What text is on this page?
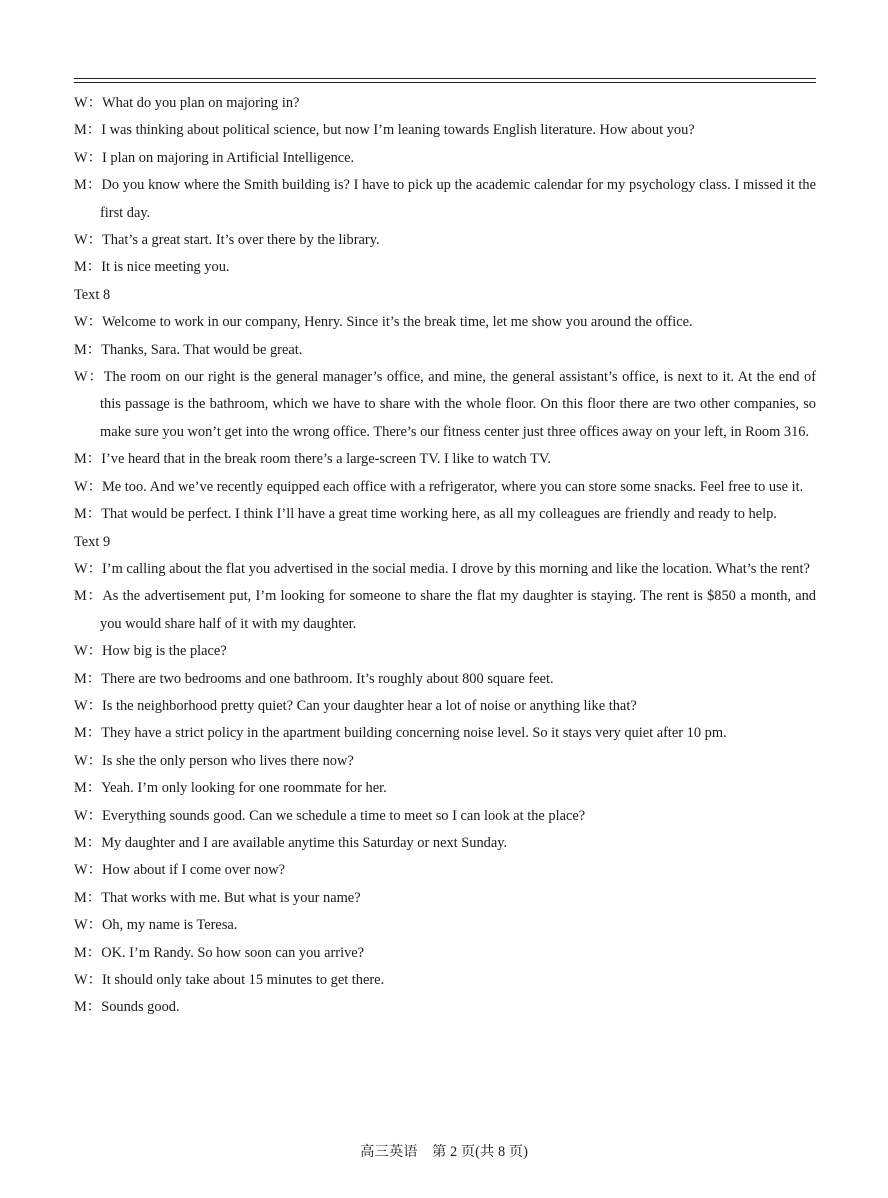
W：What do you plan on majoring in?

M：I was thinking about political science, but now I’m leaning towards English literature. How about you?

W：I plan on majoring in Artificial Intelligence.

M：Do you know where the Smith building is? I have to pick up the academic calendar for my psychology class. I missed it the first day.

W：That’s a great start. It’s over there by the library.

M：It is nice meeting you.

Text 8

W：Welcome to work in our company, Henry. Since it’s the break time, let me show you around the office.

M：Thanks, Sara. That would be great.

W：The room on our right is the general manager’s office, and mine, the general assistant’s office, is next to it. At the end of this passage is the bathroom, which we have to share with the whole floor. On this floor there are two other companies, so make sure you won’t get into the wrong office. There’s our fitness center just three offices away on your left, in Room 316.

M：I’ve heard that in the break room there’s a large-screen TV. I like to watch TV.

W：Me too. And we’ve recently equipped each office with a refrigerator, where you can store some snacks. Feel free to use it.

M：That would be perfect. I think I’ll have a great time working here, as all my colleagues are friendly and ready to help.

Text 9

W：I’m calling about the flat you advertised in the social media. I drove by this morning and like the location. What’s the rent?

M：As the advertisement put, I’m looking for someone to share the flat my daughter is staying. The rent is $850 a month, and you would share half of it with my daughter.

W：How big is the place?

M：There are two bedrooms and one bathroom. It’s roughly about 800 square feet.

W：Is the neighborhood pretty quiet? Can your daughter hear a lot of noise or anything like that?

M：They have a strict policy in the apartment building concerning noise level. So it stays very quiet after 10 pm.

W：Is she the only person who lives there now?

M：Yeah. I’m only looking for one roommate for her.

W：Everything sounds good. Can we schedule a time to meet so I can look at the place?

M：My daughter and I are available anytime this Saturday or next Sunday.

W：How about if I come over now?

M：That works with me. But what is your name?

W：Oh, my name is Teresa.

M：OK. I’m Randy. So how soon can you arrive?

W：It should only take about 15 minutes to get there.

M：Sounds good.

高三英语　第 2 页(共 8 页)
